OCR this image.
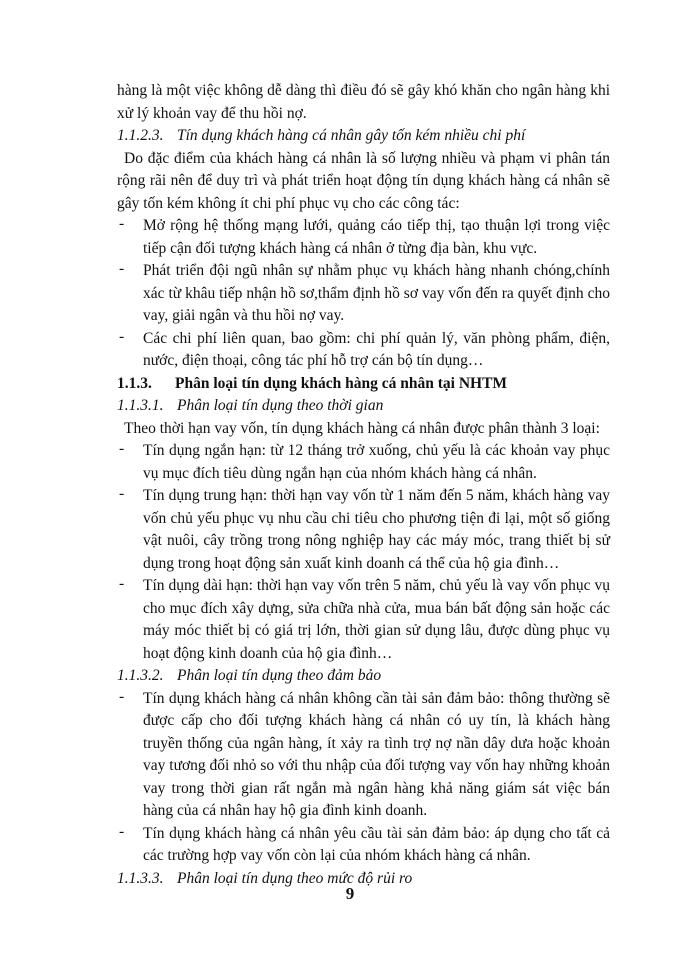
hàng là một việc không dễ dàng thì điều đó sẽ gây khó khăn cho ngân hàng khi xử lý khoản vay để thu hồi nợ.

1.1.2.3. Tín dụng khách hàng cá nhân gây tốn kém nhiều chi phí

Do đặc điểm của khách hàng cá nhân là số lượng nhiều và phạm vi phân tán rộng rãi nên để duy trì và phát triển hoạt động tín dụng khách hàng cá nhân sẽ gây tốn kém không ít chi phí phục vụ cho các công tác:

- Mở rộng hệ thống mạng lưới, quảng cáo tiếp thị, tạo thuận lợi trong việc tiếp cận đối tượng khách hàng cá nhân ở từng địa bàn, khu vực.
- Phát triển đội ngũ nhân sự nhằm phục vụ khách hàng nhanh chóng,chính xác từ khâu tiếp nhận hồ sơ,thẩm định hồ sơ vay vốn đến ra quyết định cho vay, giải ngân và thu hồi nợ vay.
- Các chi phí liên quan, bao gồm: chi phí quản lý, văn phòng phẩm, điện, nước, điện thoại, công tác phí hỗ trợ cán bộ tín dụng…
1.1.3. Phân loại tín dụng khách hàng cá nhân tại NHTM
1.1.3.1. Phân loại tín dụng theo thời gian

Theo thời hạn vay vốn, tín dụng khách hàng cá nhân được phân thành 3 loại:

- Tín dụng ngắn hạn: từ 12 tháng trở xuống, chủ yếu là các khoản vay phục vụ mục đích tiêu dùng ngắn hạn của nhóm khách hàng cá nhân.
- Tín dụng trung hạn: thời hạn vay vốn từ 1 năm đến 5 năm, khách hàng vay vốn chủ yếu phục vụ nhu cầu chi tiêu cho phương tiện đi lại, một số giống vật nuôi, cây trồng trong nông nghiệp hay các máy móc, trang thiết bị sử dụng trong hoạt động sản xuất kinh doanh cá thể của hộ gia đình…
- Tín dụng dài hạn: thời hạn vay vốn trên 5 năm, chủ yếu là vay vốn phục vụ cho mục đích xây dựng, sửa chữa nhà cửa, mua bán bất động sản hoặc các máy móc thiết bị có giá trị lớn, thời gian sử dụng lâu, được dùng phục vụ hoạt động kinh doanh của hộ gia đình…
1.1.3.2. Phân loại tín dụng theo đảm bảo
- Tín dụng khách hàng cá nhân không cần tài sản đảm bảo: thông thường sẽ được cấp cho đối tượng khách hàng cá nhân có uy tín, là khách hàng truyền thống của ngân hàng, ít xảy ra tình trợ nợ nần dây dưa hoặc khoản vay tương đối nhỏ so với thu nhập của đối tượng vay vốn hay những khoản vay trong thời gian rất ngắn mà ngân hàng khả năng giám sát việc bán hàng của cá nhân hay hộ gia đình kinh doanh.
- Tín dụng khách hàng cá nhân yêu cầu tài sản đảm bảo: áp dụng cho tất cả các trường hợp vay vốn còn lại của nhóm khách hàng cá nhân.
1.1.3.3. Phân loại tín dụng theo mức độ rủi ro
9
